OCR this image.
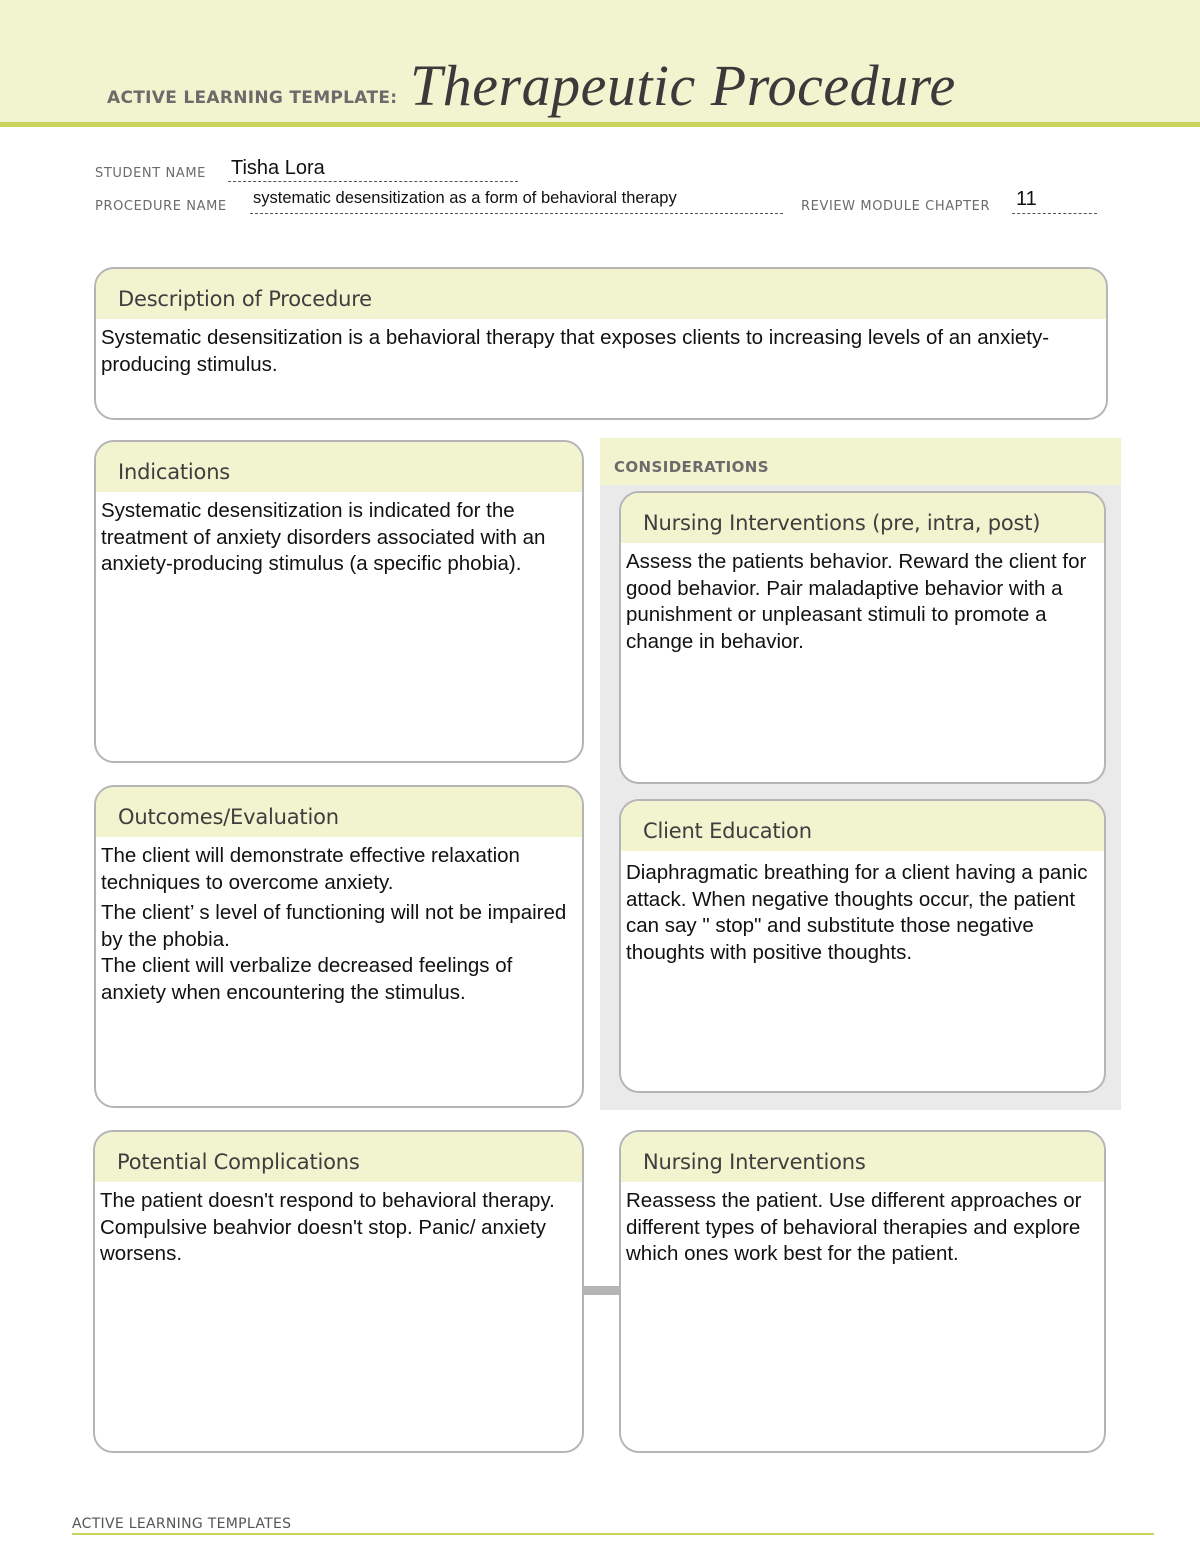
ACTIVE LEARNING TEMPLATE: Therapeutic Procedure
STUDENT NAME Tisha Lora
PROCEDURE NAME systematic desensitization as a form of behavioral therapy	REVIEW MODULE CHAPTER 11
Description of Procedure

Systematic desensitization is a behavioral therapy that exposes clients to increasing levels of an anxiety-producing stimulus.

CONSIDERATIONS
Indications

Systematic desensitization is indicated for the treatment of anxiety disorders associated with an anxiety-producing stimulus (a specific phobia).

Nursing Interventions (pre, intra, post)

Assess the patients behavior. Reward the client for good behavior. Pair maladaptive behavior with a punishment or unpleasant stimuli to promote a change in behavior.

Outcomes/Evaluation

The client will demonstrate effective relaxation techniques to overcome anxiety.

The client’ s level of functioning will not be impaired by the phobia.

The client will verbalize decreased feelings of anxiety when encountering the stimulus.

Client Education

Diaphragmatic breathing for a client having a panic attack. When negative thoughts occur, the patient can say " stop" and substitute those negative thoughts with positive thoughts.

Potential Complications

The patient doesn't respond to behavioral therapy. Compulsive beahvior doesn't stop. Panic/ anxiety worsens.

Nursing Interventions

Reassess the patient. Use different approaches or different types of behavioral therapies and explore which ones work best for the patient.

ACTIVE LEARNING TEMPLATES
